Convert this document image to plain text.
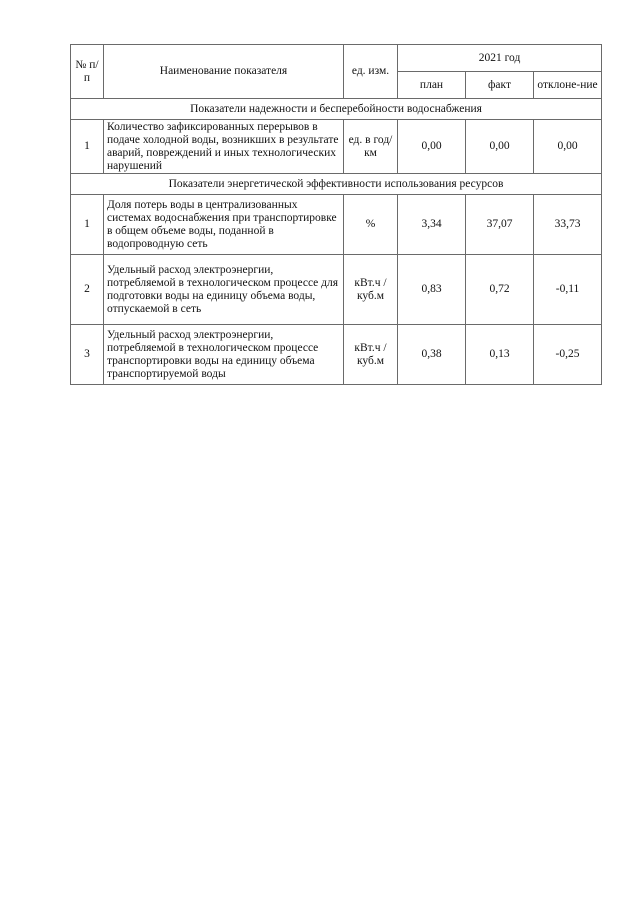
№ п/п	Наименование показателя	ед. изм.	2021 год		
			план	факт	отклоне-ние
Показатели надежности и бесперебойности водоснабжения					
1	Количество зафиксированных перерывов в подаче холодной воды, возникших в результате аварий, повреждений и иных технологических нарушений	ед. в год/ км	0,00	0,00	0,00
Показатели энергетической эффективности использования ресурсов					
1	Доля потерь воды в централизованных системах водоснабжения при транспортировке в общем объеме воды, поданной в водопроводную сеть	%	3,34	37,07	33,73
2	Удельный расход электроэнергии, потребляемой в технологическом процессе для подготовки воды на единицу объема воды, отпускаемой в сеть	кВт.ч / куб.м	0,83	0,72	-0,11
3	Удельный расход электроэнергии, потребляемой в технологическом процессе транспортировки воды на единицу объема транспортируемой воды	кВт.ч / куб.м	0,38	0,13	-0,25
